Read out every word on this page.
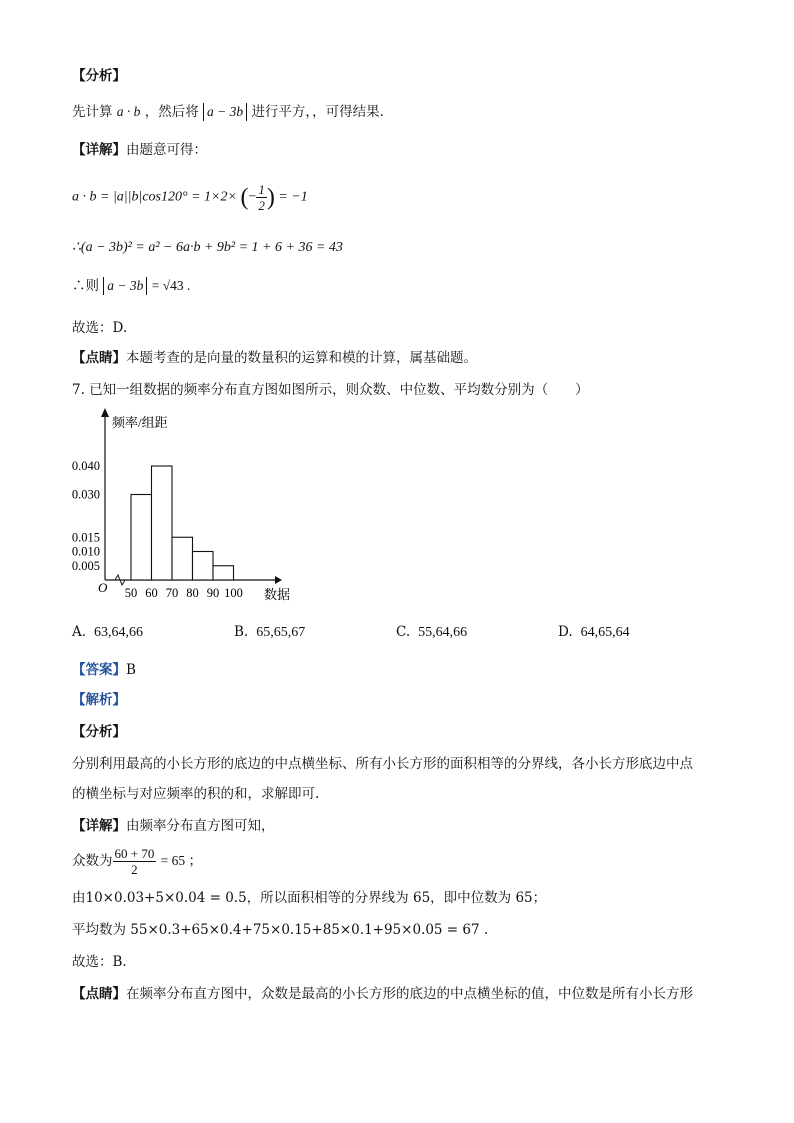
【分析】
先计算 a · b ，然后将 a − 3b 进行平方，，可得结果.
【详解】由题意可得：
a · b = |a||b|cos120° = 1×2× (− $\frac{1}{2}$ ) = −1
∴(a − 3b)² = a² − 6a·b + 9b² = 1 + 6 + 36 = 43
∴则 a − 3b = √43 .
故选：D.
【点睛】本题考查的是向量的数量积的运算和模的计算，属基础题。
7. 已知一组数据的频率分布直方图如图所示，则众数、中位数、平均数分别为（　　）
频率/组距
数据
O
0.005
0.010
0.015
0.030
0.040
50 60 70 80 90 100
A. 63,64,66	B. 65,65,67	C. 55,64,66	D. 64,65,64
【答案】B
【解析】
【分析】
分别利用最高的小长方形的底边的中点横坐标、所有小长方形的面积相等的分界线，各小长方形底边中点
的横坐标与对应频率的积的和，求解即可.
【详解】由频率分布直方图可知，
众数为 $\frac{60 + 70}{2} = 65$ ；
由10×0.03+5×0.04 = 0.5，所以面积相等的分界线为 65，即中位数为 65；
平均数为 55×0.3+65×0.4+75×0.15+85×0.1+95×0.05 = 67 .
故选：B.
【点睛】在频率分布直方图中，众数是最高的小长方形的底边的中点横坐标的值，中位数是所有小长方形
